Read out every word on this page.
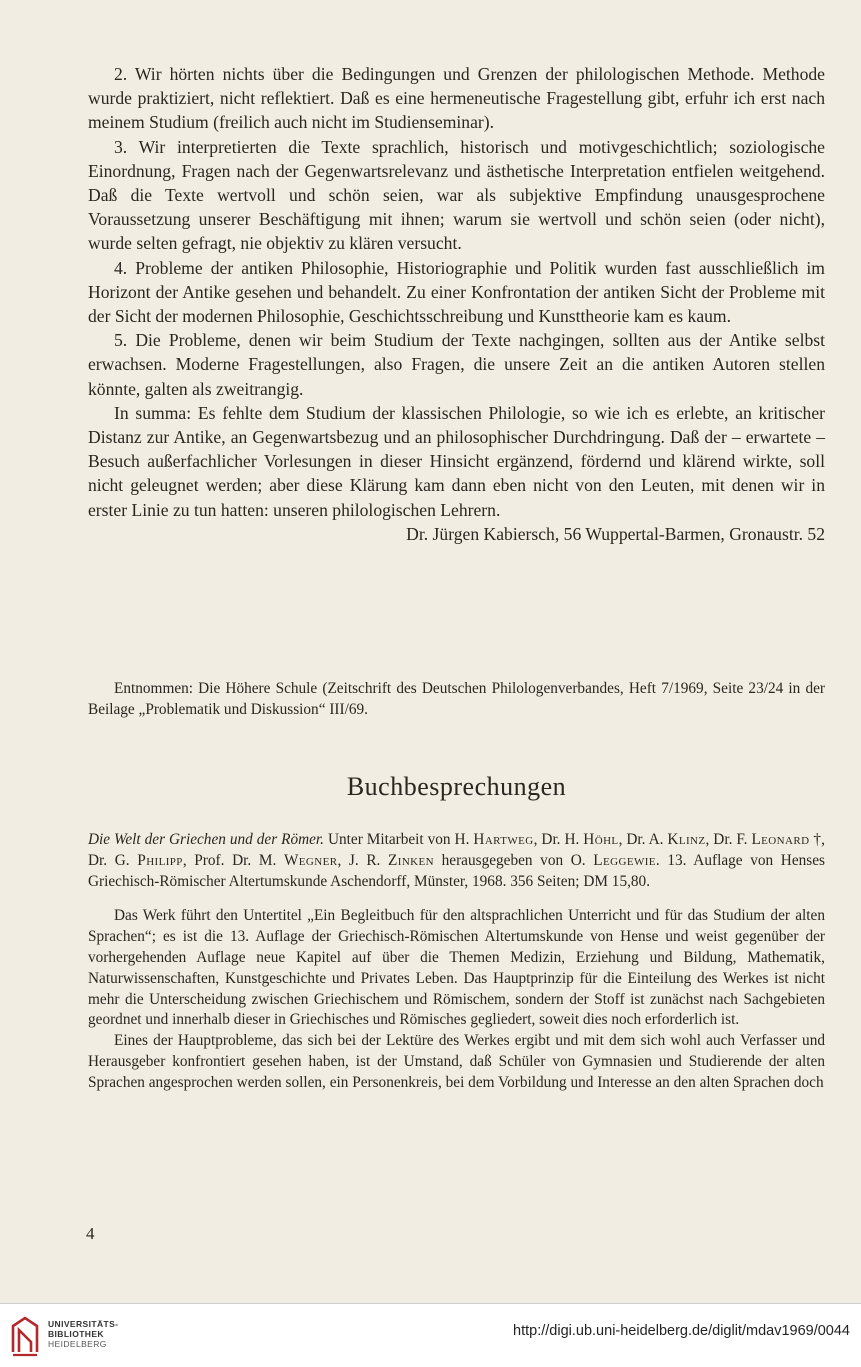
2. Wir hörten nichts über die Bedingungen und Grenzen der philologischen Methode. Methode wurde praktiziert, nicht reflektiert. Daß es eine hermeneutische Fragestellung gibt, erfuhr ich erst nach meinem Studium (freilich auch nicht im Studienseminar).

3. Wir interpretierten die Texte sprachlich, historisch und motivgeschichtlich; soziologische Einordnung, Fragen nach der Gegenwartsrelevanz und ästhetische Interpretation entfielen weitgehend. Daß die Texte wertvoll und schön seien, war als subjektive Empfindung unausgesprochene Voraussetzung unserer Beschäftigung mit ihnen; warum sie wertvoll und schön seien (oder nicht), wurde selten gefragt, nie objektiv zu klären versucht.

4. Probleme der antiken Philosophie, Historiographie und Politik wurden fast ausschließlich im Horizont der Antike gesehen und behandelt. Zu einer Konfrontation der antiken Sicht der Probleme mit der Sicht der modernen Philosophie, Geschichtsschreibung und Kunsttheorie kam es kaum.

5. Die Probleme, denen wir beim Studium der Texte nachgingen, sollten aus der Antike selbst erwachsen. Moderne Fragestellungen, also Fragen, die unsere Zeit an die antiken Autoren stellen könnte, galten als zweitrangig.

In summa: Es fehlte dem Studium der klassischen Philologie, so wie ich es erlebte, an kritischer Distanz zur Antike, an Gegenwartsbezug und an philosophischer Durchdringung. Daß der – erwartete – Besuch außerfachlicher Vorlesungen in dieser Hinsicht ergänzend, fördernd und klärend wirkte, soll nicht geleugnet werden; aber diese Klärung kam dann eben nicht von den Leuten, mit denen wir in erster Linie zu tun hatten: unseren philologischen Lehrern.

Dr. Jürgen Kabiersch, 56 Wuppertal-Barmen, Gronaustr. 52

Entnommen: Die Höhere Schule (Zeitschrift des Deutschen Philologenverbandes, Heft 7/1969, Seite 23/24 in der Beilage „Problematik und Diskussion“ III/69.

Buchbesprechungen

Die Welt der Griechen und der Römer. Unter Mitarbeit von H. Hartweg, Dr. H. Höhl, Dr. A. Klinz, Dr. F. Leonard †, Dr. G. Philipp, Prof. Dr. M. Wegner, J. R. Zinken herausgegeben von O. Leggewie. 13. Auflage von Henses Griechisch-Römischer Altertumskunde Aschendorff, Münster, 1968. 356 Seiten; DM 15,80.

Das Werk führt den Untertitel „Ein Begleitbuch für den altsprachlichen Unterricht und für das Studium der alten Sprachen“; es ist die 13. Auflage der Griechisch-Römischen Altertumskunde von Hense und weist gegenüber der vorhergehenden Auflage neue Kapitel auf über die Themen Medizin, Erziehung und Bildung, Mathematik, Naturwissenschaften, Kunstgeschichte und Privates Leben. Das Hauptprinzip für die Einteilung des Werkes ist nicht mehr die Unterscheidung zwischen Griechischem und Römischem, sondern der Stoff ist zunächst nach Sachgebieten geordnet und innerhalb dieser in Griechisches und Römisches gegliedert, soweit dies noch erforderlich ist.

Eines der Hauptprobleme, das sich bei der Lektüre des Werkes ergibt und mit dem sich wohl auch Verfasser und Herausgeber konfrontiert gesehen haben, ist der Umstand, daß Schüler von Gymnasien und Studierende der alten Sprachen angesprochen werden sollen, ein Personenkreis, bei dem Vorbildung und Interesse an den alten Sprachen doch

4

UNIVERSITÄTS-
BIBLIOTHEK
HEIDELBERG

http://digi.ub.uni-heidelberg.de/diglit/mdav1969/0044
